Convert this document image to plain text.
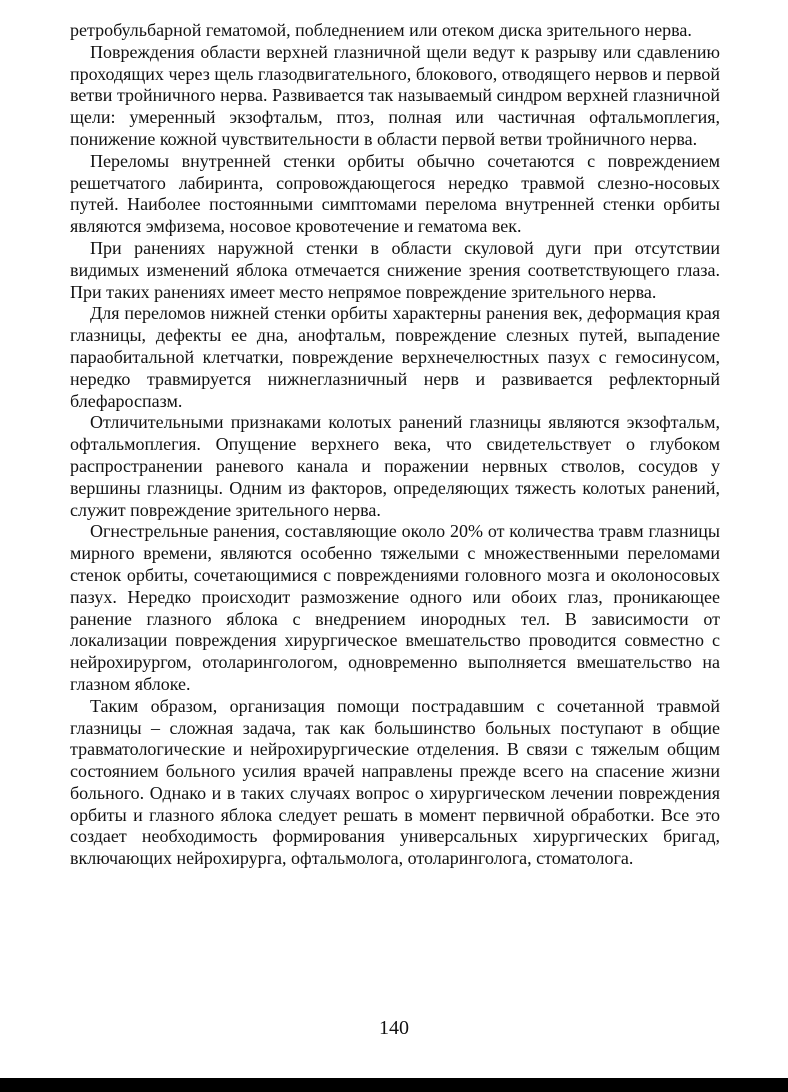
ретробульбарной гематомой, побледнением или отеком диска зрительного нерва.

Повреждения области верхней глазничной щели ведут к разрыву или сдавлению проходящих через щель глазодвигательного, блокового, отводящего нервов и первой ветви тройничного нерва. Развивается так называемый синдром верхней глазничной щели: умеренный экзофтальм, птоз, полная или частичная офтальмоплегия, понижение кожной чувствительности в области первой ветви тройничного нерва.

Переломы внутренней стенки орбиты обычно сочетаются с повреждением решетчатого лабиринта, сопровождающегося нередко травмой слезно-носовых путей. Наиболее постоянными симптомами перелома внутренней стенки орбиты являются эмфизема, носовое кровотечение и гематома век.

При ранениях наружной стенки в области скуловой дуги при отсутствии видимых изменений яблока отмечается снижение зрения соответствующего глаза. При таких ранениях имеет место непрямое повреждение зрительного нерва.

Для переломов нижней стенки орбиты характерны ранения век, деформация края глазницы, дефекты ее дна, анофтальм, повреждение слезных путей, выпадение параобитальной клетчатки, повреждение верхнечелюстных пазух с гемосинусом, нередко травмируется нижнеглазничный нерв и развивается рефлекторный блефароспазм.

Отличительными признаками колотых ранений глазницы являются экзофтальм, офтальмоплегия. Опущение верхнего века, что свидетельствует о глубоком распространении раневого канала и поражении нервных стволов, сосудов у вершины глазницы. Одним из факторов, определяющих тяжесть колотых ранений, служит повреждение зрительного нерва.

Огнестрельные ранения, составляющие около 20% от количества травм глазницы мирного времени, являются особенно тяжелыми с множественными переломами стенок орбиты, сочетающимися с повреждениями головного мозга и околоносовых пазух. Нередко происходит размозжение одного или обоих глаз, проникающее ранение глазного яблока с внедрением инородных тел. В зависимости от локализации повреждения хирургическое вмешательство проводится совместно с нейрохирургом, отоларингологом, одновременно выполняется вмешательство на глазном яблоке.

Таким образом, организация помощи пострадавшим с сочетанной травмой глазницы – сложная задача, так как большинство больных поступают в общие травматологические и нейрохирургические отделения. В связи с тяжелым общим состоянием больного усилия врачей направлены прежде всего на спасение жизни больного. Однако и в таких случаях вопрос о хирургическом лечении повреждения орбиты и глазного яблока следует решать в момент первичной обработки. Все это создает необходимость формирования универсальных хирургических бригад, включающих нейрохирурга, офтальмолога, отоларинголога, стоматолога.

140
